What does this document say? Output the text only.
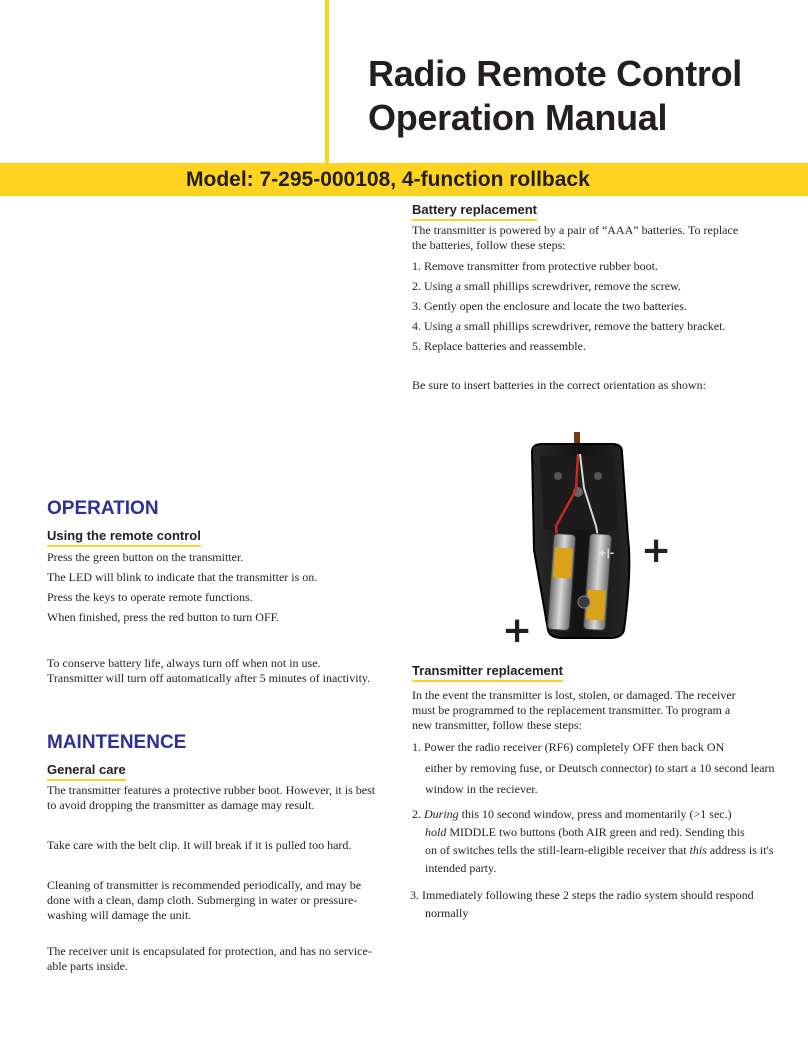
Radio Remote Control
Operation Manual
Model: 7-295-000108, 4-function rollback
Battery replacement

The transmitter is powered by a pair of “AAA” batteries. To replace

the batteries, follow these steps:

1. Remove transmitter from protective rubber boot.

2. Using a small phillips screwdriver, remove the screw.

3. Gently open the enclosure and locate the two batteries.

4. Using a small phillips screwdriver, remove the battery bracket.

5. Replace batteries and reassemble.

Be sure to insert batteries in the correct orientation as shown:

+|- +
+
OPERATION
Using the remote control

Press the green button on the transmitter.

The LED will blink to indicate that the transmitter is on.

Press the keys to operate remote functions.

When finished, press the red button to turn OFF.

To conserve battery life, always turn off when not in use.

Transmitter will turn off automatically after 5 minutes of inactivity.

MAINTENENCE
General care

The transmitter features a protective rubber boot. However, it is best

to avoid dropping the transmitter as damage may result.

Take care with the belt clip. It will break if it is pulled too hard.

Cleaning of transmitter is recommended periodically, and may be

done with a clean, damp cloth. Submerging in water or pressure-

washing will damage the unit.

The receiver unit is encapsulated for protection, and has no service-

able parts inside.

Transmitter replacement

In the event the transmitter is lost, stolen, or damaged. The receiver

must be programmed to the replacement transmitter. To program a

new transmitter, follow these steps:

1. Power the radio receiver (RF6) completely OFF then back ON

either by removing fuse, or Deutsch connector) to start a 10 second learn

window in the reciever.

2. During this 10 second window, press and momentarily (>1 sec.)

hold MIDDLE two buttons (both AIR green and red). Sending this

on of switches tells the still-learn-eligible receiver that this address is it's

intended party.

3. Immediately following these 2 steps the radio system should respond

normally
